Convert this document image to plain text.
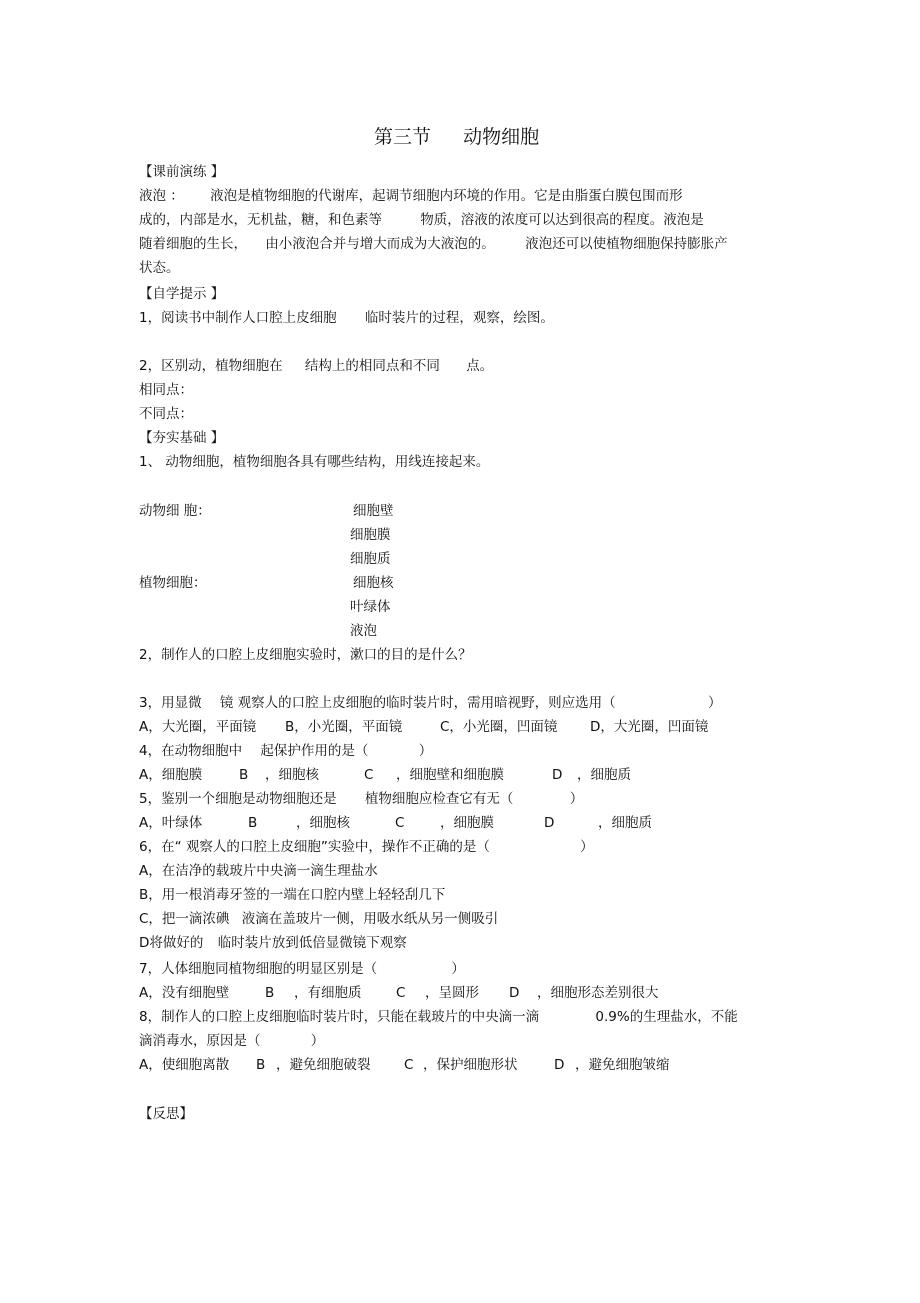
第三节 动物细胞
【课前演练 】
液泡 ： 液泡是植物细胞的代谢库，起调节细胞内环境的作用。它是由脂蛋白膜包围而形
成的，内部是水，无机盐，糖，和色素等	物质，溶液的浓度可以达到很高的程度。液泡是
随着细胞的生长， 由小液泡合并与增大而成为大液泡的。 液泡还可以使植物细胞保持膨胀产
状态。
【自学提示 】
1，阅读书中制作人口腔上皮细胞 临时装片的过程，观察，绘图。
2，区别动，植物细胞在 结构上的相同点和不同 点。
相同点：
不同点：
【夯实基础 】
1、 动物细胞，植物细胞各具有哪些结构，用线连接起来。
动物细 胞：	细胞壁
细胞膜
细胞质
植物细胞：	细胞核
叶绿体
液泡
2，制作人的口腔上皮细胞实验时，漱口的目的是什么？
3，用显微 镜 观察人的口腔上皮细胞的临时装片时，需用暗视野，则应选用（	）
A，大光圈，平面镜 B，小光圈，平面镜	C，小光圈，凹面镜 D，大光圈，凹面镜
4，在动物细胞中 起保护作用的是（	）
A，细胞膜	B ，细胞核	C ，细胞壁和细胞膜	D ，细胞质
5，鉴别一个细胞是动物细胞还是 植物细胞应检查它有无（	）
A，叶绿体	B	，细胞核	C	，细胞膜	D	，细胞质
6，在“ 观察人的口腔上皮细胞”实验中，操作不正确的是（	）
A，在洁净的载玻片中央滴一滴生理盐水
B，用一根消毒牙签的一端在口腔内壁上轻轻刮几下
C，把一滴浓碘 液滴在盖玻片一侧，用吸水纸从另一侧吸引
D将做好的 临时装片放到低倍显微镜下观察
7，人体细胞同植物细胞的明显区别是（	）
A，没有细胞壁	B ，有细胞质	C ，呈圆形 D ，细胞形态差别很大
8，制作人的口腔上皮细胞临时装片时，只能在载玻片的中央滴一滴	0.9%的生理盐水，不能
滴消毒水，原因是（	）
A，使细胞离散 B ，避免细胞破裂 C ，保护细胞形状	D ，避免细胞皱缩
【反思】
